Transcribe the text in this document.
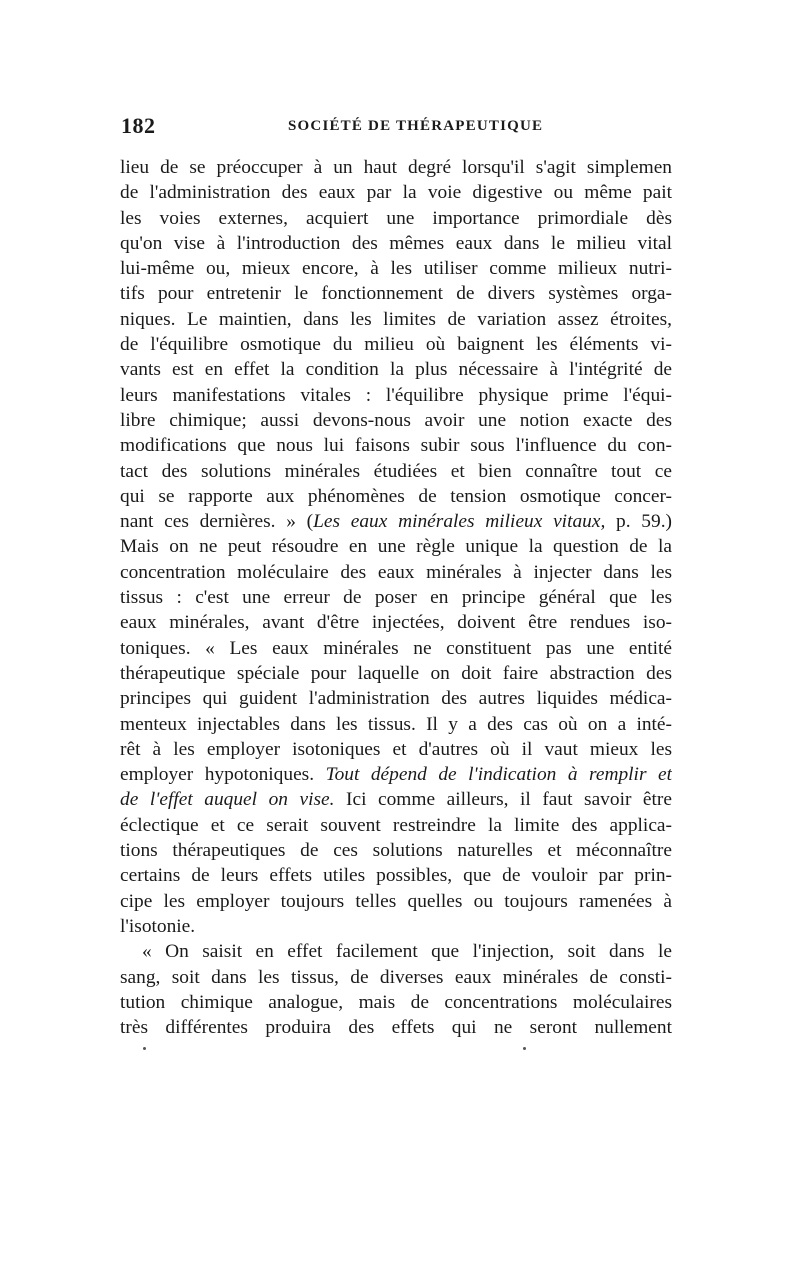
182	SOCIÉTÉ DE THÉRAPEUTIQUE
lieu de se préoccuper à un haut degré lorsqu'il s'agit simplemen
de l'administration des eaux par la voie digestive ou même pait
les voies externes, acquiert une importance primordiale dès
qu'on vise à l'introduction des mêmes eaux dans le milieu vital
lui-même ou, mieux encore, à les utiliser comme milieux nutri-
tifs pour entretenir le fonctionnement de divers systèmes orga-
niques. Le maintien, dans les limites de variation assez étroites,
de l'équilibre osmotique du milieu où baignent les éléments vi-
vants est en effet la condition la plus nécessaire à l'intégrité de
leurs manifestations vitales : l'équilibre physique prime l'équi-
libre chimique; aussi devons-nous avoir une notion exacte des
modifications que nous lui faisons subir sous l'influence du con-
tact des solutions minérales étudiées et bien connaître tout ce
qui se rapporte aux phénomènes de tension osmotique concer-
nant ces dernières. » (Les eaux minérales milieux vitaux, p. 59.)
Mais on ne peut résoudre en une règle unique la question de la
concentration moléculaire des eaux minérales à injecter dans les
tissus : c'est une erreur de poser en principe général que les
eaux minérales, avant d'être injectées, doivent être rendues iso-
toniques. « Les eaux minérales ne constituent pas une entité
thérapeutique spéciale pour laquelle on doit faire abstraction des
principes qui guident l'administration des autres liquides médica-
menteux injectables dans les tissus. Il y a des cas où on a inté-
rêt à les employer isotoniques et d'autres où il vaut mieux les
employer hypotoniques. Tout dépend de l'indication à remplir et
de l'effet auquel on vise. Ici comme ailleurs, il faut savoir être
éclectique et ce serait souvent restreindre la limite des applica-
tions thérapeutiques de ces solutions naturelles et méconnaître
certains de leurs effets utiles possibles, que de vouloir par prin-
cipe les employer toujours telles quelles ou toujours ramenées à
l'isotonie.
« On saisit en effet facilement que l'injection, soit dans le
sang, soit dans les tissus, de diverses eaux minérales de consti-
tution chimique analogue, mais de concentrations moléculaires
très différentes produira des effets qui ne seront nullement
